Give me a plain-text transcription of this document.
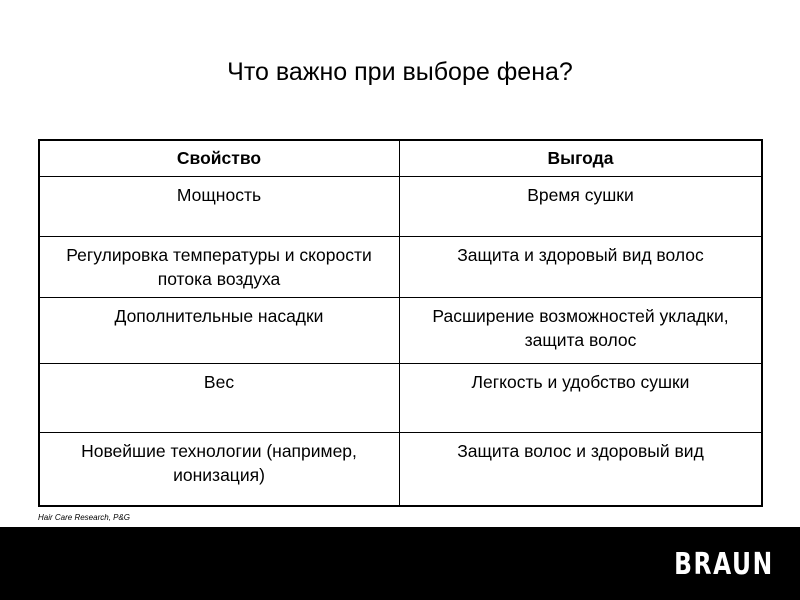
Что важно при выборе фена?
Свойство	Выгода
Мощность	Время сушки
Регулировка температуры и скорости потока воздуха	Защита и здоровый вид волос
Дополнительные насадки	Расширение возможностей укладки, защита волос
Вес	Легкость и удобство сушки
Новейшие технологии (например, ионизация)	Защита волос и здоровый вид
Hair Care Research, P&G
BRAUN
